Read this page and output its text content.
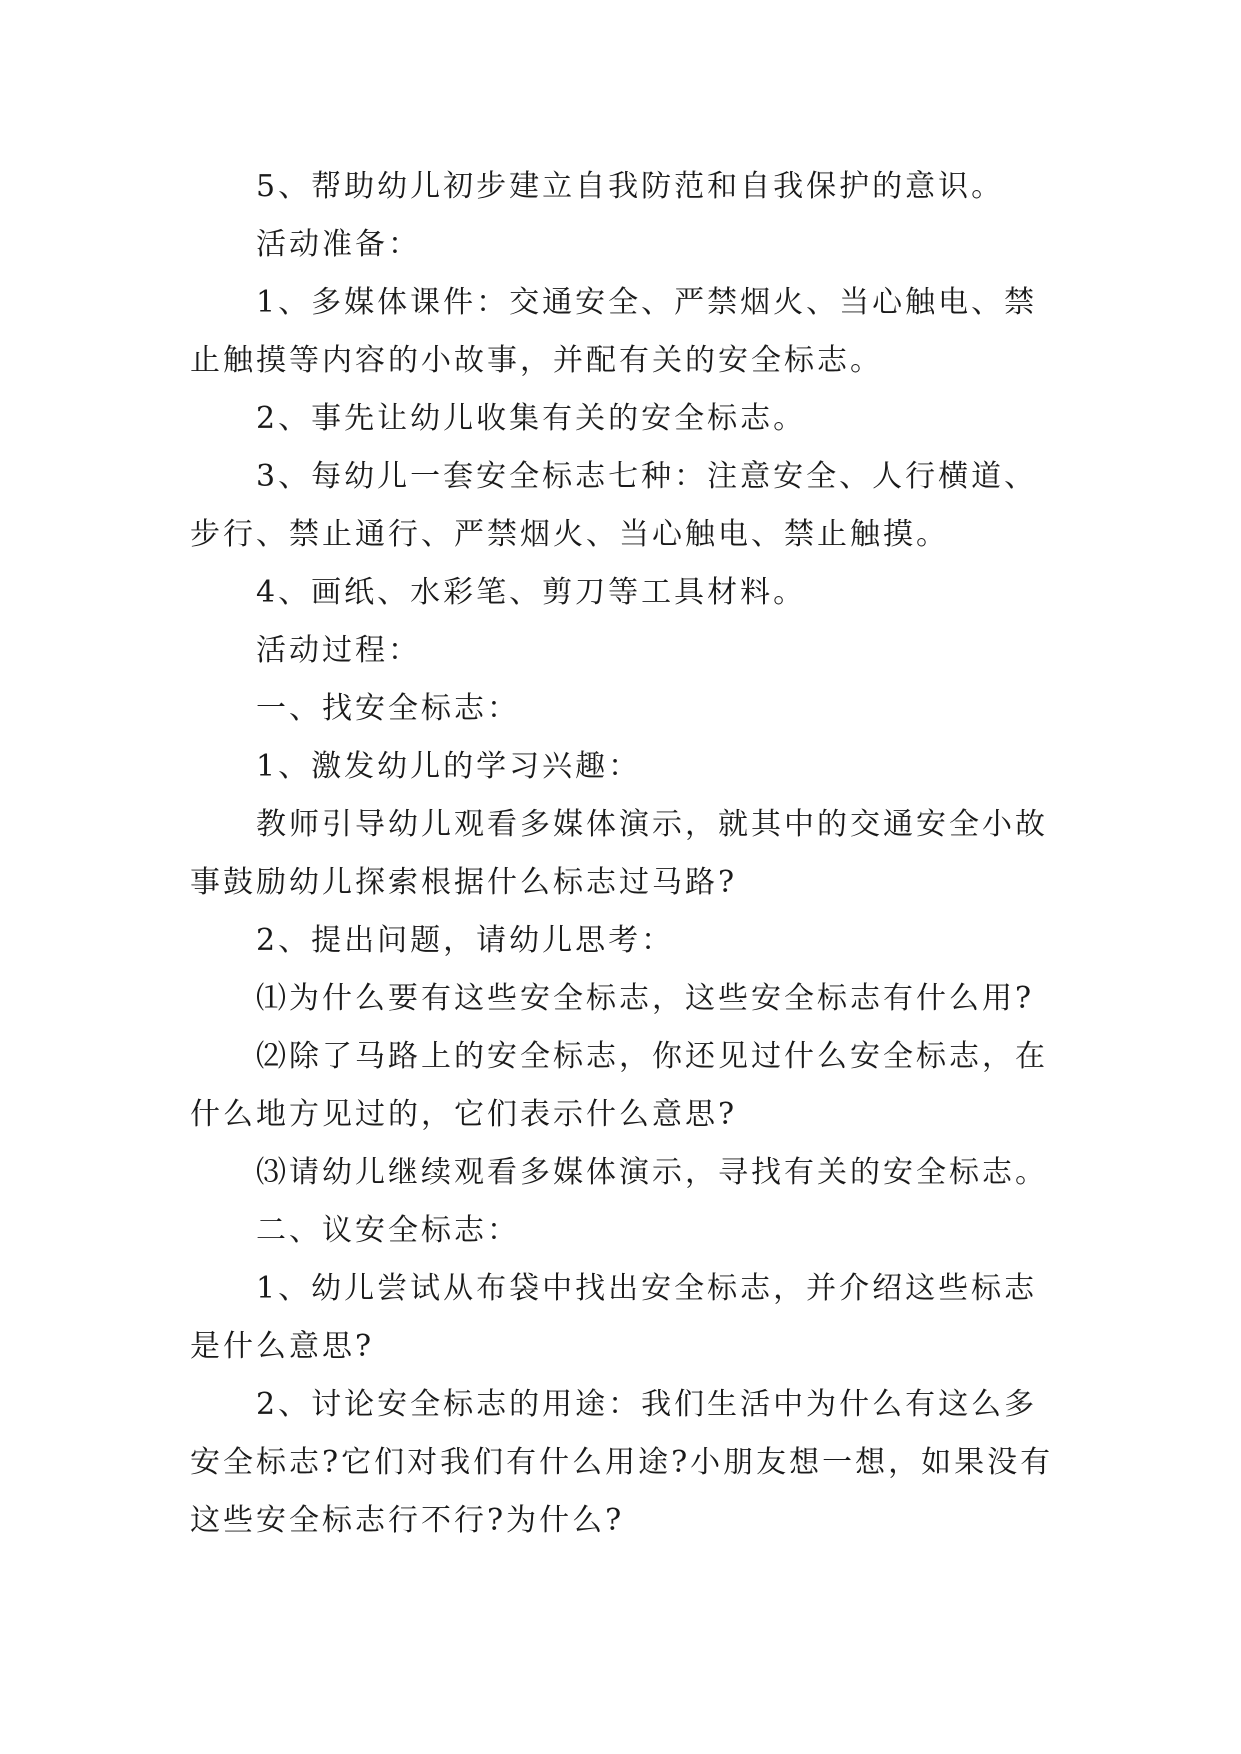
5、帮助幼儿初步建立自我防范和自我保护的意识。

活动准备：

1、多媒体课件：交通安全、严禁烟火、当心触电、禁止触摸等内容的小故事，并配有关的安全标志。

2、事先让幼儿收集有关的安全标志。

3、每幼儿一套安全标志七种：注意安全、人行横道、步行、禁止通行、严禁烟火、当心触电、禁止触摸。

4、画纸、水彩笔、剪刀等工具材料。

活动过程：

一、找安全标志：

1、激发幼儿的学习兴趣：

教师引导幼儿观看多媒体演示，就其中的交通安全小故事鼓励幼儿探索根据什么标志过马路?

2、提出问题，请幼儿思考：

⑴为什么要有这些安全标志，这些安全标志有什么用?

⑵除了马路上的安全标志，你还见过什么安全标志，在什么地方见过的，它们表示什么意思?

⑶请幼儿继续观看多媒体演示，寻找有关的安全标志。

二、议安全标志：

1、幼儿尝试从布袋中找出安全标志，并介绍这些标志是什么意思?

2、讨论安全标志的用途：我们生活中为什么有这么多安全标志?它们对我们有什么用途?小朋友想一想，如果没有这些安全标志行不行?为什么?
